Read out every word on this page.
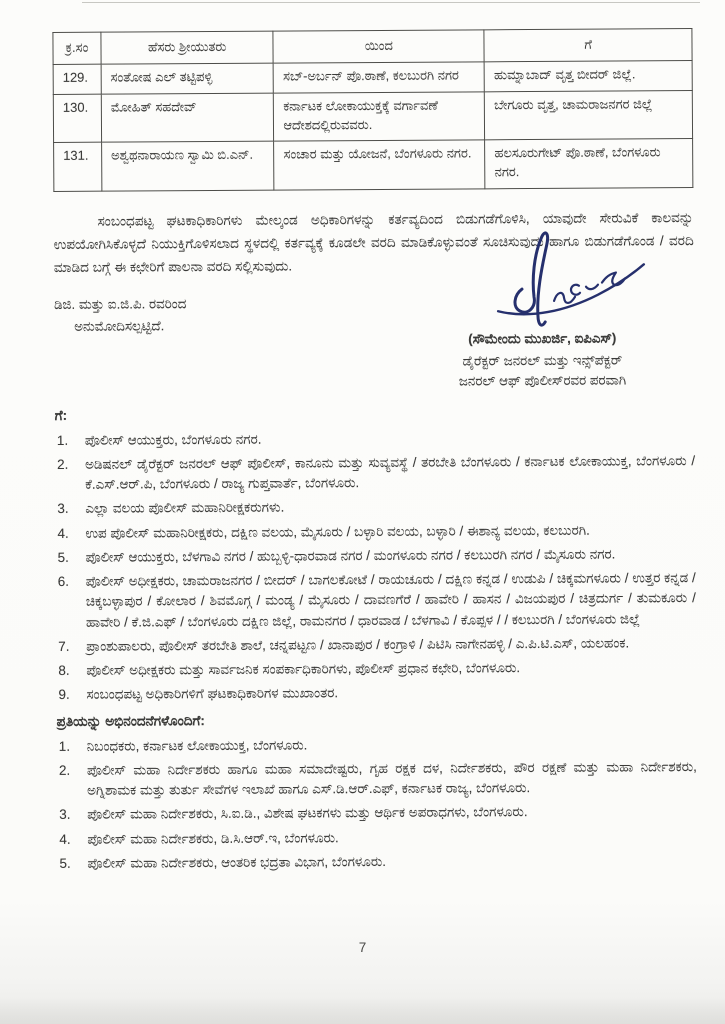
ಕ್ರ.ಸಂ	ಹೆಸರು ಶ್ರೀಯುತರು	ಯಿಂದ	ಗೆ
129.	ಸಂತೋಷ ಎಲ್ ತಟ್ಟಿಪಳ್ಳಿ	ಸಬ್-ಅರ್ಬನ್ ಪೊ.ಠಾಣೆ, ಕಲಬುರಗಿ ನಗರ	ಹುಮ್ನಾಬಾದ್ ವೃತ್ತ ಬೀದರ್ ಜಿಲ್ಲೆ.
130.	ಮೋಹಿತ್ ಸಹದೇವ್	ಕರ್ನಾಟಕ ಲೋಕಾಯುಕ್ತಕ್ಕೆ ವರ್ಗಾವಣೆ ಆದೇಶದಲ್ಲಿರುವವರು.	ಬೇಗೂರು ವೃತ್ತ, ಚಾಮರಾಜನಗರ ಜಿಲ್ಲೆ
131.	ಅಶ್ವಥನಾರಾಯಣ ಸ್ವಾಮಿ ಬಿ.ಎನ್.	ಸಂಚಾರ ಮತ್ತು ಯೋಜನೆ, ಬೆಂಗಳೂರು ನಗರ.	ಹಲಸೂರುಗೇಟ್ ಪೊ.ಠಾಣೆ, ಬೆಂಗಳೂರು ನಗರ.

ಸಂಬಂಧಪಟ್ಟ ಘಟಕಾಧಿಕಾರಿಗಳು ಮೇಲ್ಕಂಡ ಅಧಿಕಾರಿಗಳನ್ನು ಕರ್ತವ್ಯದಿಂದ ಬಿಡುಗಡೆಗೊಳಿಸಿ, ಯಾವುದೇ ಸೇರುವಿಕೆ ಕಾಲವನ್ನು ಉಪಯೋಗಿಸಿಕೊಳ್ಳದೆ ನಿಯುಕ್ತಿಗೊಳಿಸಲಾದ ಸ್ಥಳದಲ್ಲಿ ಕರ್ತವ್ಯಕ್ಕೆ ಕೂಡಲೇ ವರದಿ ಮಾಡಿಕೊಳ್ಳುವಂತೆ ಸೂಚಿಸುವುದು ಹಾಗೂ ಬಿಡುಗಡೆಗೊಂಡ / ವರದಿ ಮಾಡಿದ ಬಗ್ಗೆ ಈ ಕಛೇರಿಗೆ ಪಾಲನಾ ವರದಿ ಸಲ್ಲಿಸುವುದು.

ಡಿಜಿ. ಮತ್ತು ಐ.ಜಿ.ಪಿ. ರವರಿಂದ
ಅನುಮೋದಿಸಲ್ಪಟ್ಟಿದೆ.
(ಸೌಮೇಂದು ಮುಖರ್ಜಿ, ಐಪಿಎಸ್)
ಡೈರೆಕ್ಟರ್ ಜನರಲ್ ಮತ್ತು ಇನ್ಸ್‌ಪೆಕ್ಟರ್
ಜನರಲ್ ಆಫ್ ಪೊಲೀಸ್‌ರವರ ಪರವಾಗಿ
ಗೆ:
ಪೊಲೀಸ್ ಆಯುಕ್ತರು, ಬೆಂಗಳೂರು ನಗರ.
ಅಡಿಷನಲ್ ಡೈರೆಕ್ಟರ್ ಜನರಲ್ ಆಫ್ ಪೊಲೀಸ್, ಕಾನೂನು ಮತ್ತು ಸುವ್ಯವಸ್ಥೆ / ತರಬೇತಿ ಬೆಂಗಳೂರು / ಕರ್ನಾಟಕ ಲೋಕಾಯುಕ್ತ, ಬೆಂಗಳೂರು / ಕೆ.ಎಸ್.ಆರ್.ಪಿ, ಬೆಂಗಳೂರು / ರಾಜ್ಯ ಗುಪ್ತವಾರ್ತೆ, ಬೆಂಗಳೂರು.
ಎಲ್ಲಾ ವಲಯ ಪೊಲೀಸ್ ಮಹಾನಿರೀಕ್ಷಕರುಗಳು.
ಉಪ ಪೊಲೀಸ್ ಮಹಾನಿರೀಕ್ಷಕರು, ದಕ್ಷಿಣ ವಲಯ, ಮೈಸೂರು / ಬಳ್ಳಾರಿ ವಲಯ, ಬಳ್ಳಾರಿ / ಈಶಾನ್ಯ ವಲಯ, ಕಲಬುರಗಿ.
ಪೊಲೀಸ್ ಆಯುಕ್ತರು, ಬೆಳಗಾವಿ ನಗರ / ಹುಬ್ಬಳ್ಳಿ-ಧಾರವಾಡ ನಗರ / ಮಂಗಳೂರು ನಗರ / ಕಲಬುರಗಿ ನಗರ / ಮೈಸೂರು ನಗರ.
ಪೊಲೀಸ್ ಅಧೀಕ್ಷಕರು, ಚಾಮರಾಜನಗರ / ಬೀದರ್ / ಬಾಗಲಕೋಟೆ / ರಾಯಚೂರು / ದಕ್ಷಿಣ ಕನ್ನಡ / ಉಡುಪಿ / ಚಿಕ್ಕಮಗಳೂರು / ಉತ್ತರ ಕನ್ನಡ / ಚಿಕ್ಕಬಳ್ಳಾಪುರ / ಕೋಲಾರ / ಶಿವಮೊಗ್ಗ / ಮಂಡ್ಯ / ಮೈಸೂರು / ದಾವಣಗೆರೆ / ಹಾವೇರಿ / ಹಾಸನ / ವಿಜಯಪುರ / ಚಿತ್ರದುರ್ಗ / ತುಮಕೂರು / ಹಾವೇರಿ / ಕೆ.ಜಿ.ಎಫ್ / ಬೆಂಗಳೂರು ದಕ್ಷಿಣ ಜಿಲ್ಲೆ, ರಾಮನಗರ / ಧಾರವಾಡ / ಬೆಳಗಾವಿ / ಕೊಪ್ಪಳ / / ಕಲಬುರಗಿ / ಬೆಂಗಳೂರು ಜಿಲ್ಲೆ
ಪ್ರಾಂಶುಪಾಲರು, ಪೊಲೀಸ್ ತರಬೇತಿ ಶಾಲೆ, ಚನ್ನಪಟ್ಟಣ / ಖಾನಾಪುರ / ಕಂಗ್ರಾಳಿ / ಪಿಟಿಸಿ ನಾಗೇನಹಳ್ಳಿ / ಎ.ಪಿ.ಟಿ.ಎಸ್, ಯಲಹಂಕ.
ಪೊಲೀಸ್ ಅಧೀಕ್ಷಕರು ಮತ್ತು ಸಾರ್ವಜನಿಕ ಸಂಪರ್ಕಾಧಿಕಾರಿಗಳು, ಪೊಲೀಸ್ ಪ್ರಧಾನ ಕಛೇರಿ, ಬೆಂಗಳೂರು.
ಸಂಬಂಧಪಟ್ಟ ಅಧಿಕಾರಿಗಳಿಗೆ ಘಟಕಾಧಿಕಾರಿಗಳ ಮುಖಾಂತರ.
ಪ್ರತಿಯನ್ನು ಅಭಿನಂದನೆಗಳೊಂದಿಗೆ:
ನಿಬಂಧಕರು, ಕರ್ನಾಟಕ ಲೋಕಾಯುಕ್ತ, ಬೆಂಗಳೂರು.
ಪೊಲೀಸ್ ಮಹಾ ನಿರ್ದೇಶಕರು ಹಾಗೂ ಮಹಾ ಸಮಾದೇಷ್ಟರು, ಗೃಹ ರಕ್ಷಕ ದಳ, ನಿರ್ದೇಶಕರು, ಪೌರ ರಕ್ಷಣೆ ಮತ್ತು ಮಹಾ ನಿರ್ದೇಶಕರು, ಅಗ್ನಿಶಾಮಕ ಮತ್ತು ತುರ್ತು ಸೇವೆಗಳ ಇಲಾಖೆ ಹಾಗೂ ಎಸ್.ಡಿ.ಆರ್.ಎಫ್, ಕರ್ನಾಟಕ ರಾಜ್ಯ, ಬೆಂಗಳೂರು.
ಪೊಲೀಸ್ ಮಹಾ ನಿರ್ದೇಶಕರು, ಸಿ.ಐ.ಡಿ., ವಿಶೇಷ ಘಟಕಗಳು ಮತ್ತು ಆರ್ಥಿಕ ಅಪರಾಧಗಳು, ಬೆಂಗಳೂರು.
ಪೊಲೀಸ್ ಮಹಾ ನಿರ್ದೇಶಕರು, ಡಿ.ಸಿ.ಆರ್.ಇ, ಬೆಂಗಳೂರು.
ಪೊಲೀಸ್ ಮಹಾ ನಿರ್ದೇಶಕರು, ಆಂತರಿಕ ಭದ್ರತಾ ವಿಭಾಗ, ಬೆಂಗಳೂರು.
7
